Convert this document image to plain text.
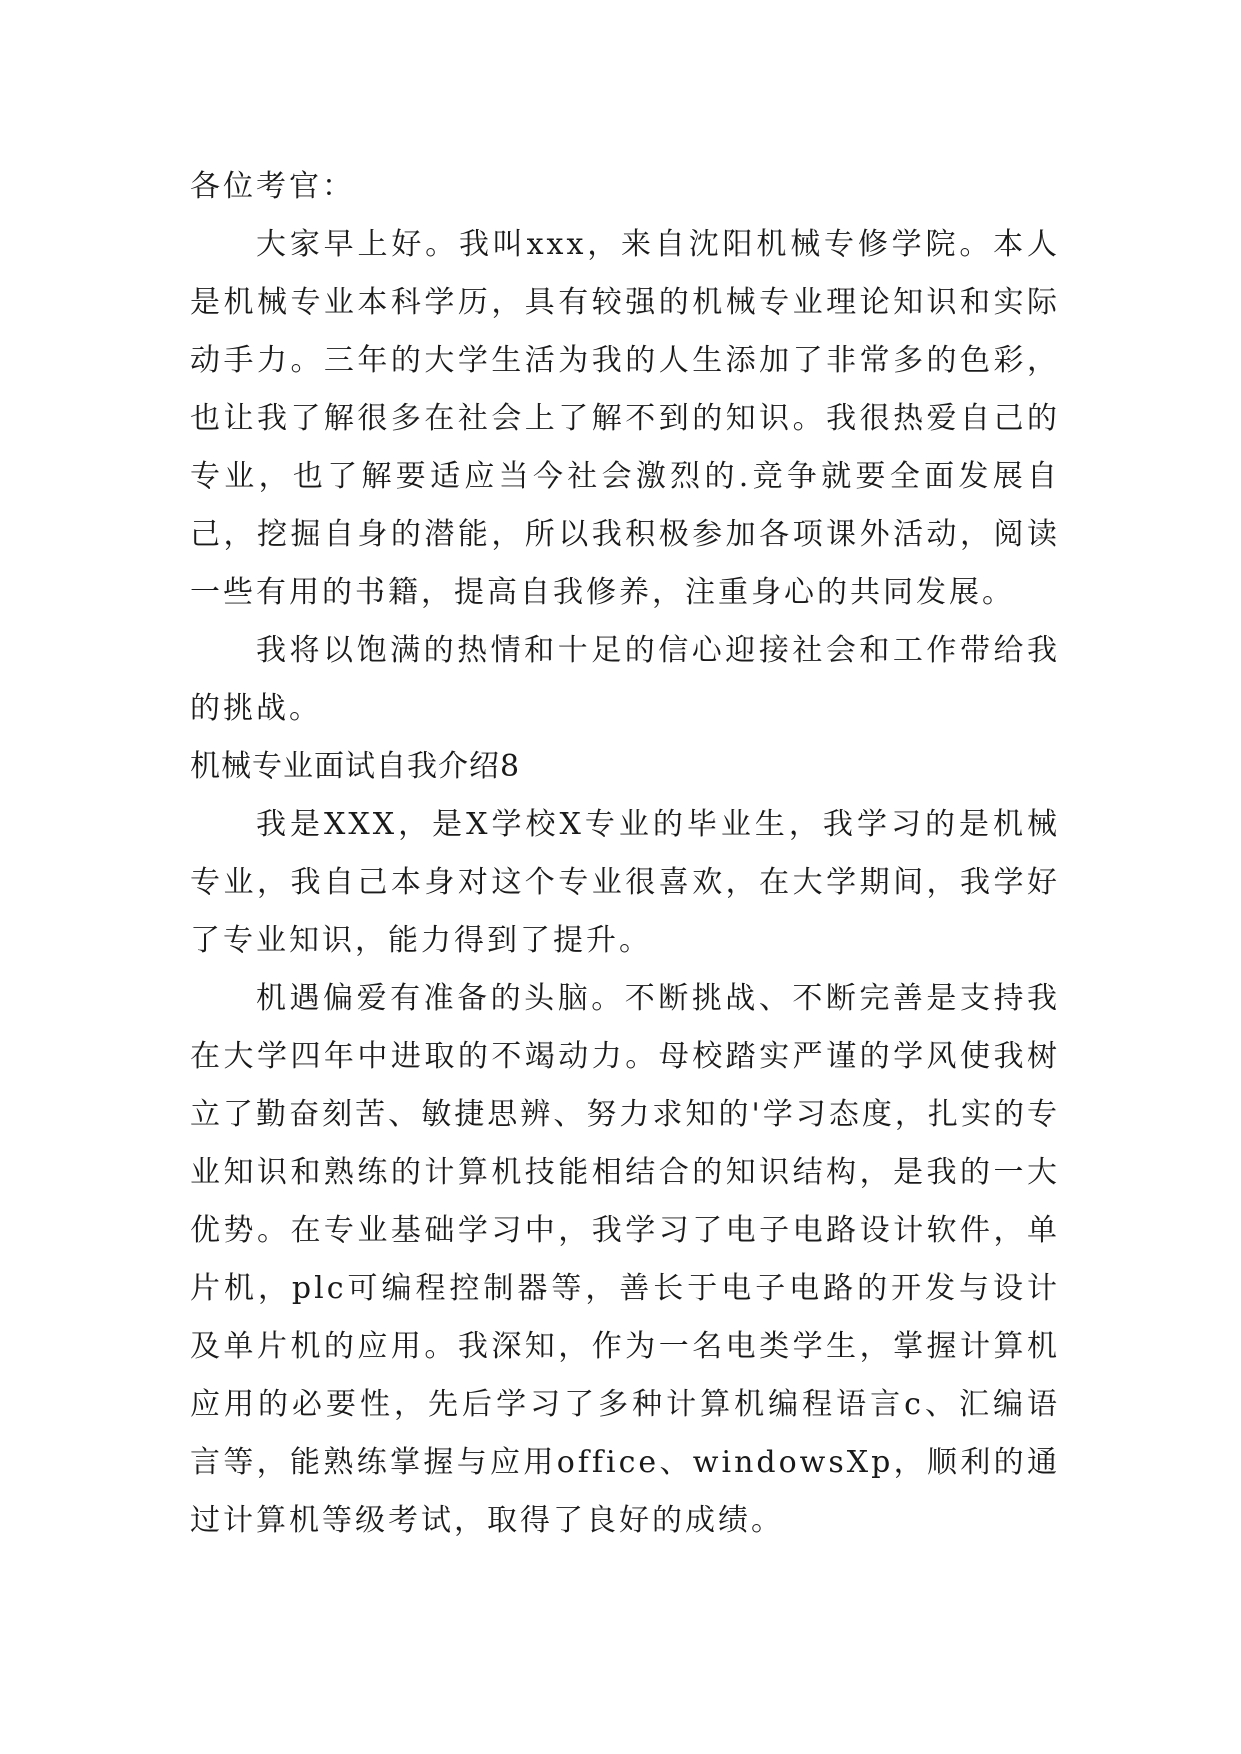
各位考官：

大家早上好。我叫xxx，来自沈阳机械专修学院。本人是机械专业本科学历，具有较强的机械专业理论知识和实际动手力。三年的大学生活为我的人生添加了非常多的色彩，也让我了解很多在社会上了解不到的知识。我很热爱自己的专业，也了解要适应当今社会激烈的.竞争就要全面发展自己，挖掘自身的潜能，所以我积极参加各项课外活动，阅读一些有用的书籍，提高自我修养，注重身心的共同发展。

我将以饱满的热情和十足的信心迎接社会和工作带给我的挑战。

机械专业面试自我介绍8

我是XXX，是X学校X专业的毕业生，我学习的是机械专业，我自己本身对这个专业很喜欢，在大学期间，我学好了专业知识，能力得到了提升。

机遇偏爱有准备的头脑。不断挑战、不断完善是支持我在大学四年中进取的不竭动力。母校踏实严谨的学风使我树立了勤奋刻苦、敏捷思辨、努力求知的'学习态度，扎实的专业知识和熟练的计算机技能相结合的知识结构，是我的一大优势。在专业基础学习中，我学习了电子电路设计软件，单片机，plc可编程控制器等，善长于电子电路的开发与设计及单片机的应用。我深知，作为一名电类学生，掌握计算机应用的必要性，先后学习了多种计算机编程语言c、汇编语言等，能熟练掌握与应用office、windowsXp，顺利的通过计算机等级考试，取得了良好的成绩。
